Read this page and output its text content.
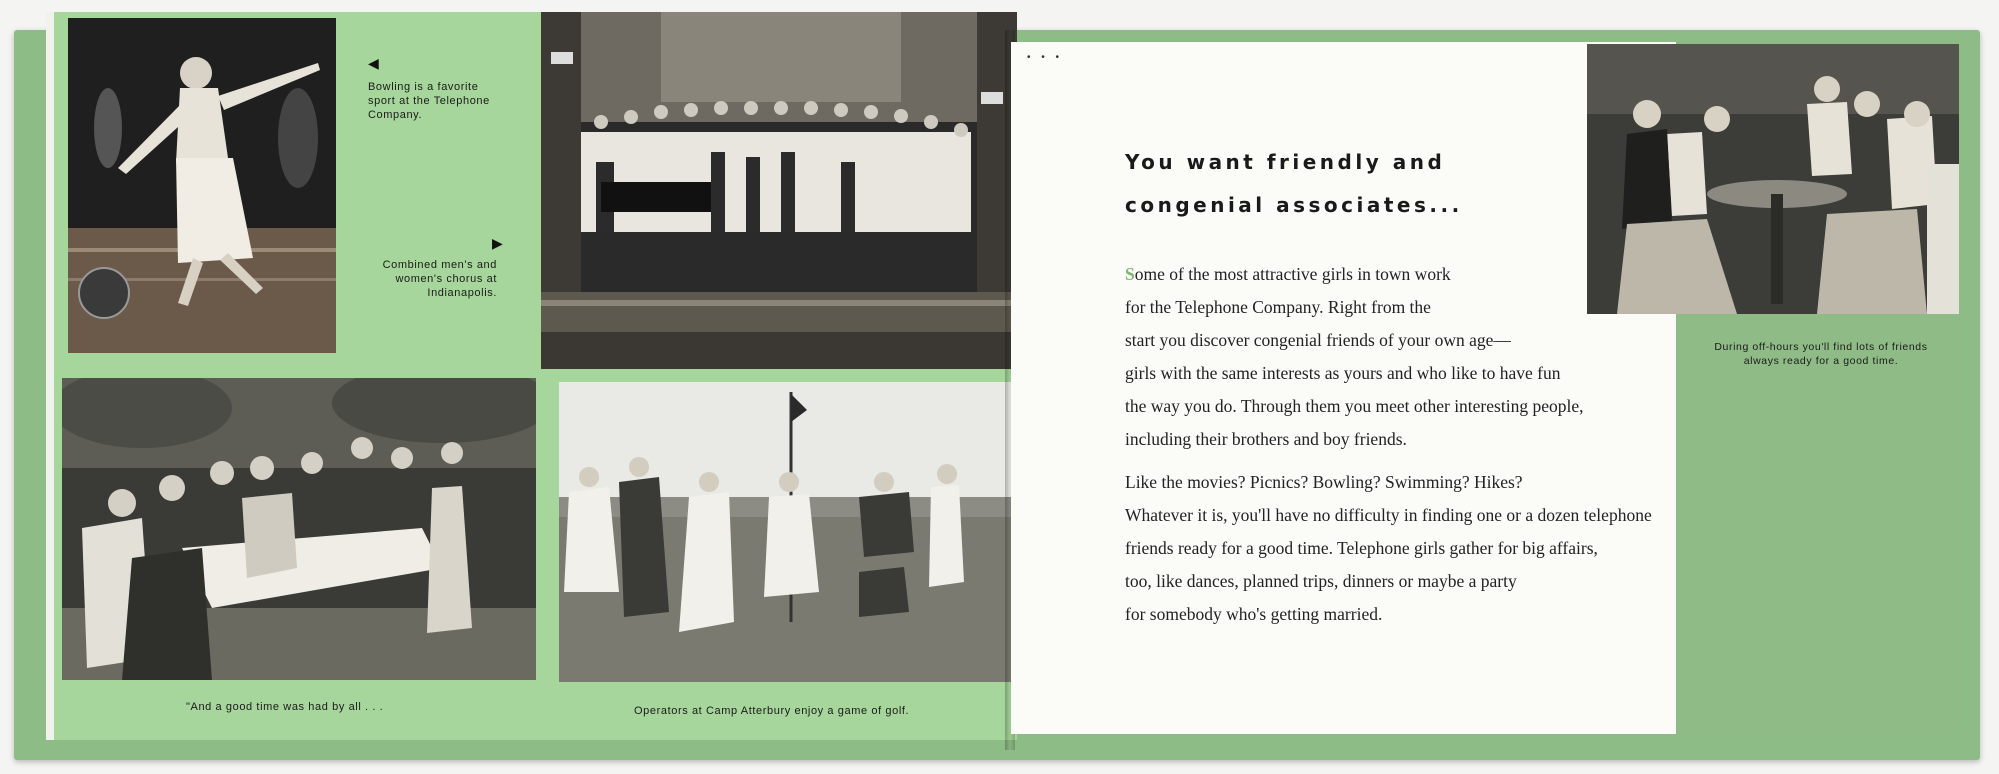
◀
Bowling is a favorite sport at the Telephone Company.
▶
Combined men's and women's chorus at Indianapolis.
"And a good time was had by all . . .	Operators at Camp Atterbury enjoy a game of golf.
• • •
You want friendly and
congenial associates...
Some of the most attractive girls in town work
for the Telephone Company. Right from the
start you discover congenial friends of your own age—
girls with the same interests as yours and who like to have fun
the way you do. Through them you meet other interesting people,
including their brothers and boy friends.
Like the movies? Picnics? Bowling? Swimming? Hikes?
Whatever it is, you'll have no difficulty in finding one or a dozen telephone
friends ready for a good time. Telephone girls gather for big affairs,
too, like dances, planned trips, dinners or maybe a party
for somebody who's getting married.
During off-hours you'll find lots of friends always ready for a good time.
